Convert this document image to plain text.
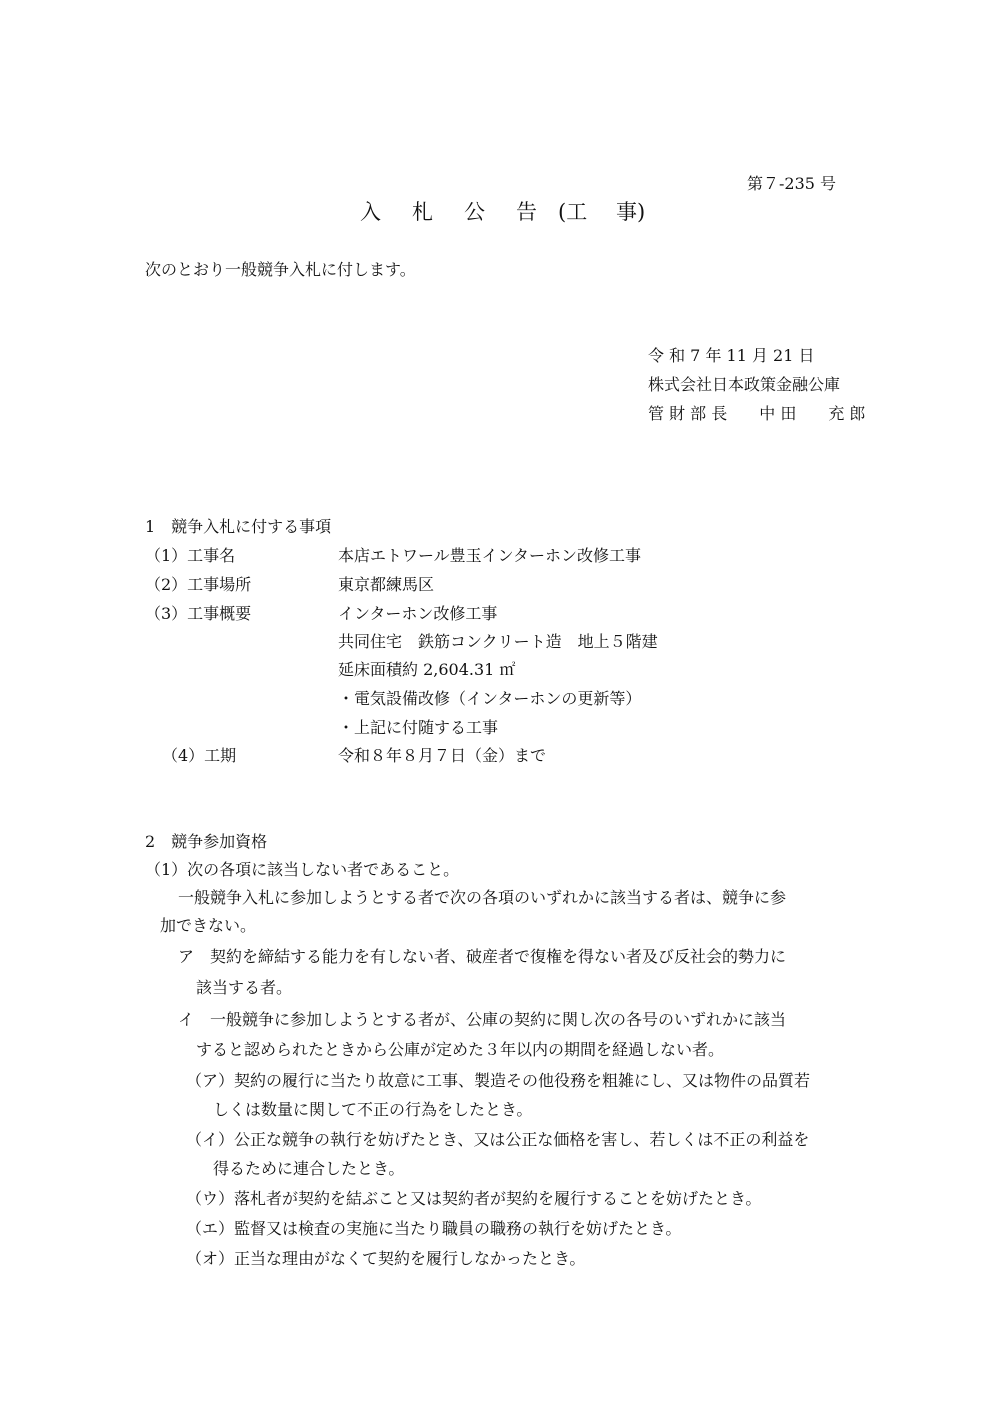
第７-235 号
入	札	公	告	(工	事)
次のとおり一般競争入札に付します。
令 和 7 年 11 月 21 日
株式会社日本政策金融公庫
管 財 部 長　　中 田　　充 郎
1　競争入札に付する事項
（1）工事名	本店エトワール豊玉インターホン改修工事
（2）工事場所	東京都練馬区
（3）工事概要	インターホン改修工事
共同住宅　鉄筋コンクリート造　地上５階建
延床面積約 2,604.31 ㎡
・電気設備改修（インターホンの更新等）
・上記に付随する工事
（4）工期	令和８年８月７日（金）まで
2　競争参加資格
（1）次の各項に該当しない者であること。
一般競争入札に参加しようとする者で次の各項のいずれかに該当する者は、競争に参
加できない。
ア　契約を締結する能力を有しない者、破産者で復権を得ない者及び反社会的勢力に
該当する者。
イ　一般競争に参加しようとする者が、公庫の契約に関し次の各号のいずれかに該当
すると認められたときから公庫が定めた３年以内の期間を経過しない者。
（ア）契約の履行に当たり故意に工事、製造その他役務を粗雑にし、又は物件の品質若
しくは数量に関して不正の行為をしたとき。
（イ）公正な競争の執行を妨げたとき、又は公正な価格を害し、若しくは不正の利益を
得るために連合したとき。
（ウ）落札者が契約を結ぶこと又は契約者が契約を履行することを妨げたとき。
（エ）監督又は検査の実施に当たり職員の職務の執行を妨げたとき。
（オ）正当な理由がなくて契約を履行しなかったとき。
